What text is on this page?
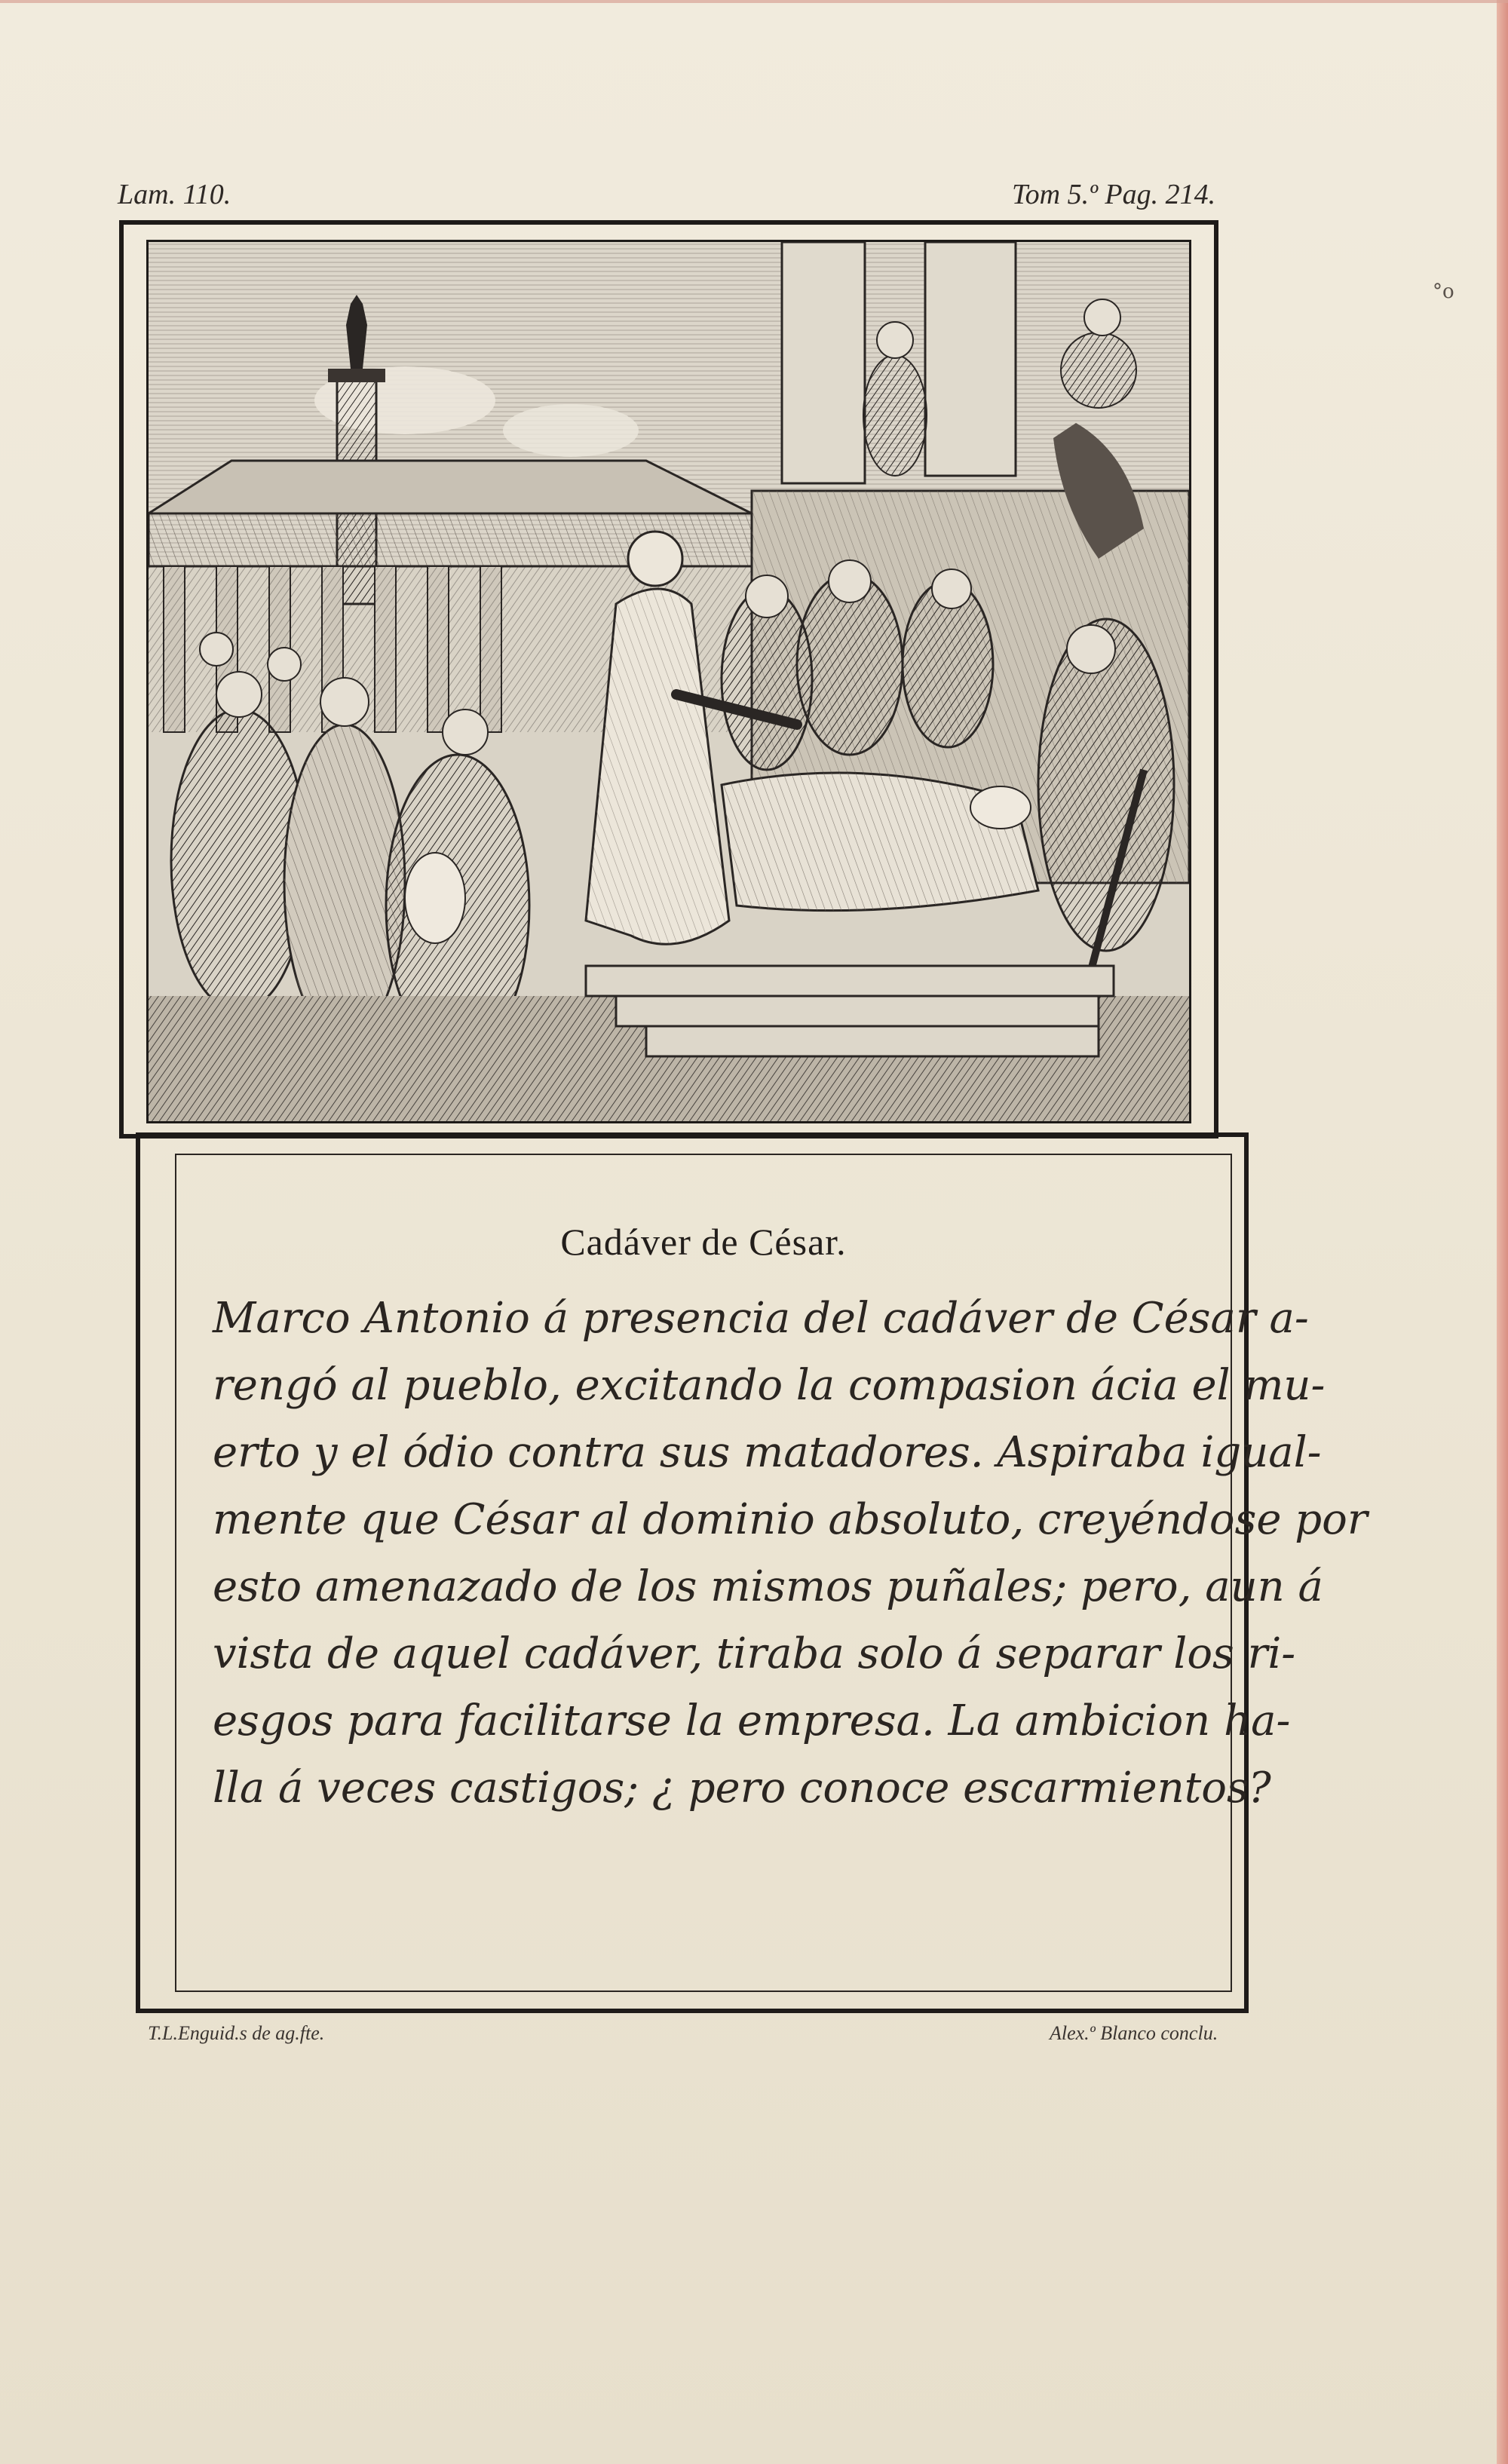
Lam. 110.	Tom 5.º Pag. 214.
°o
Cadáver de César.
Marco Antonio á presencia del cadáver de César a-
rengó al pueblo, excitando la compasion ácia el mu-
erto y el ódio contra sus matadores. Aspiraba igual-
mente que César al dominio absoluto, creyéndose por
esto amenazado de los mismos puñales; pero, aun á
vista de aquel cadáver, tiraba solo á separar los ri-
esgos para facilitarse la empresa. La ambicion ha-
lla á veces castigos; ¿ pero conoce escarmientos?
T.L.Enguid.s de ag.fte.	Alex.º Blanco conclu.
